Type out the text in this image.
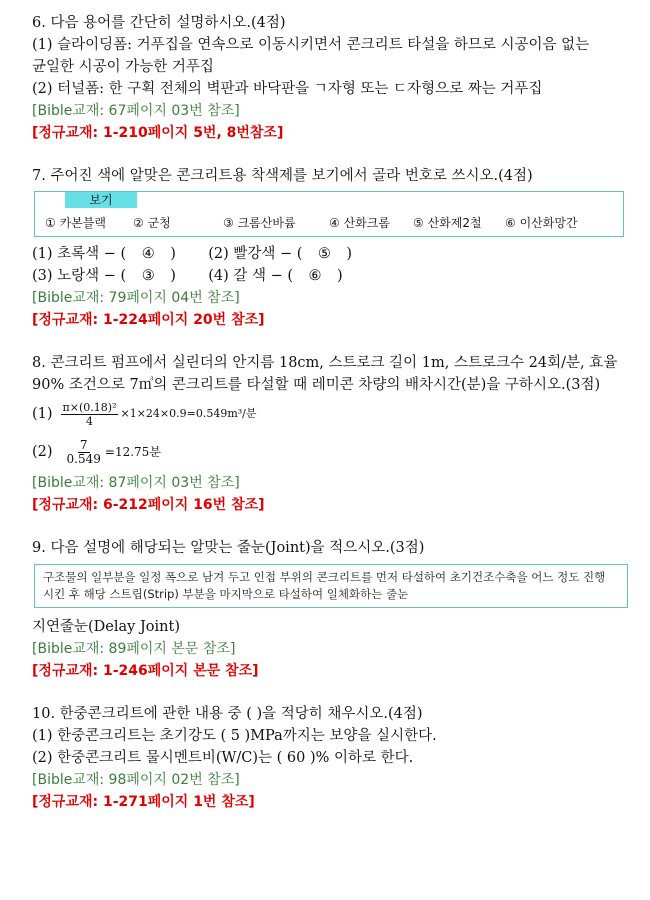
6. 다음 용어를 간단히 설명하시오.(4점)
(1) 슬라이딩폼: 거푸집을 연속으로 이동시키면서 콘크리트 타설을 하므로 시공이음 없는
균일한 시공이 가능한 거푸집
(2) 터널폼: 한 구획 전체의 벽판과 바닥판을 ㄱ자형 또는 ㄷ자형으로 짜는 거푸집
[Bible교재: 67페이지 03번 참조]
[정규교재: 1-210페이지 5번, 8번참조]
7. 주어진 색에 알맞은 콘크리트용 착색제를 보기에서 골라 번호로 쓰시오.(4점)
보기
① 카본블랙 ② 군청	③ 크롬산바륨	④ 산화크롬 ⑤ 산화제2철 ⑥ 이산화망간
(1) 초록색 − ( ④ ) (2) 빨강색 − ( ⑤ )
(3) 노랑색 − ( ③ ) (4) 갈 색 − ( ⑥ )
[Bible교재: 79페이지 04번 참조]
[정규교재: 1-224페이지 20번 참조]
8. 콘크리트 펌프에서 실린더의 안지름 18cm, 스트로크 길이 1m, 스트로크수 24회/분, 효율
90% 조건으로 7㎥의 콘크리트를 타설할 때 레미콘 차량의 배차시간(분)을 구하시오.(3점)
$(1) \frac{\text{π×(0.18)²}}{4} \times 1\times 24\times 0.9=0.549m^3/$분
$(2) \frac{7}{0.549} =12.75$분
[Bible교재: 87페이지 03번 참조]
[정규교재: 6-212페이지 16번 참조]
9. 다음 설명에 해당되는 알맞는 줄눈(Joint)을 적으시오.(3점)
구조물의 일부분을 일정 폭으로 남겨 두고 인접 부위의 콘크리트를 먼저 타설하여 초기건조수축을 어느 정도 진행
시킨 후 해당 스트립(Strip) 부분을 마지막으로 타설하여 일체화하는 줄눈
지연줄눈(Delay Joint)
[Bible교재: 89페이지 본문 참조]
[정규교재: 1-246페이지 본문 참조]
10. 한중콘크리트에 관한 내용 중 ( )을 적당히 채우시오.(4점)
(1) 한중콘크리트는 초기강도 ( 5 )MPa까지는 보양을 실시한다.
(2) 한중콘크리트 물시멘트비(W/C)는 ( 60 )% 이하로 한다.
[Bible교재: 98페이지 02번 참조]
[정규교재: 1-271페이지 1번 참조]
